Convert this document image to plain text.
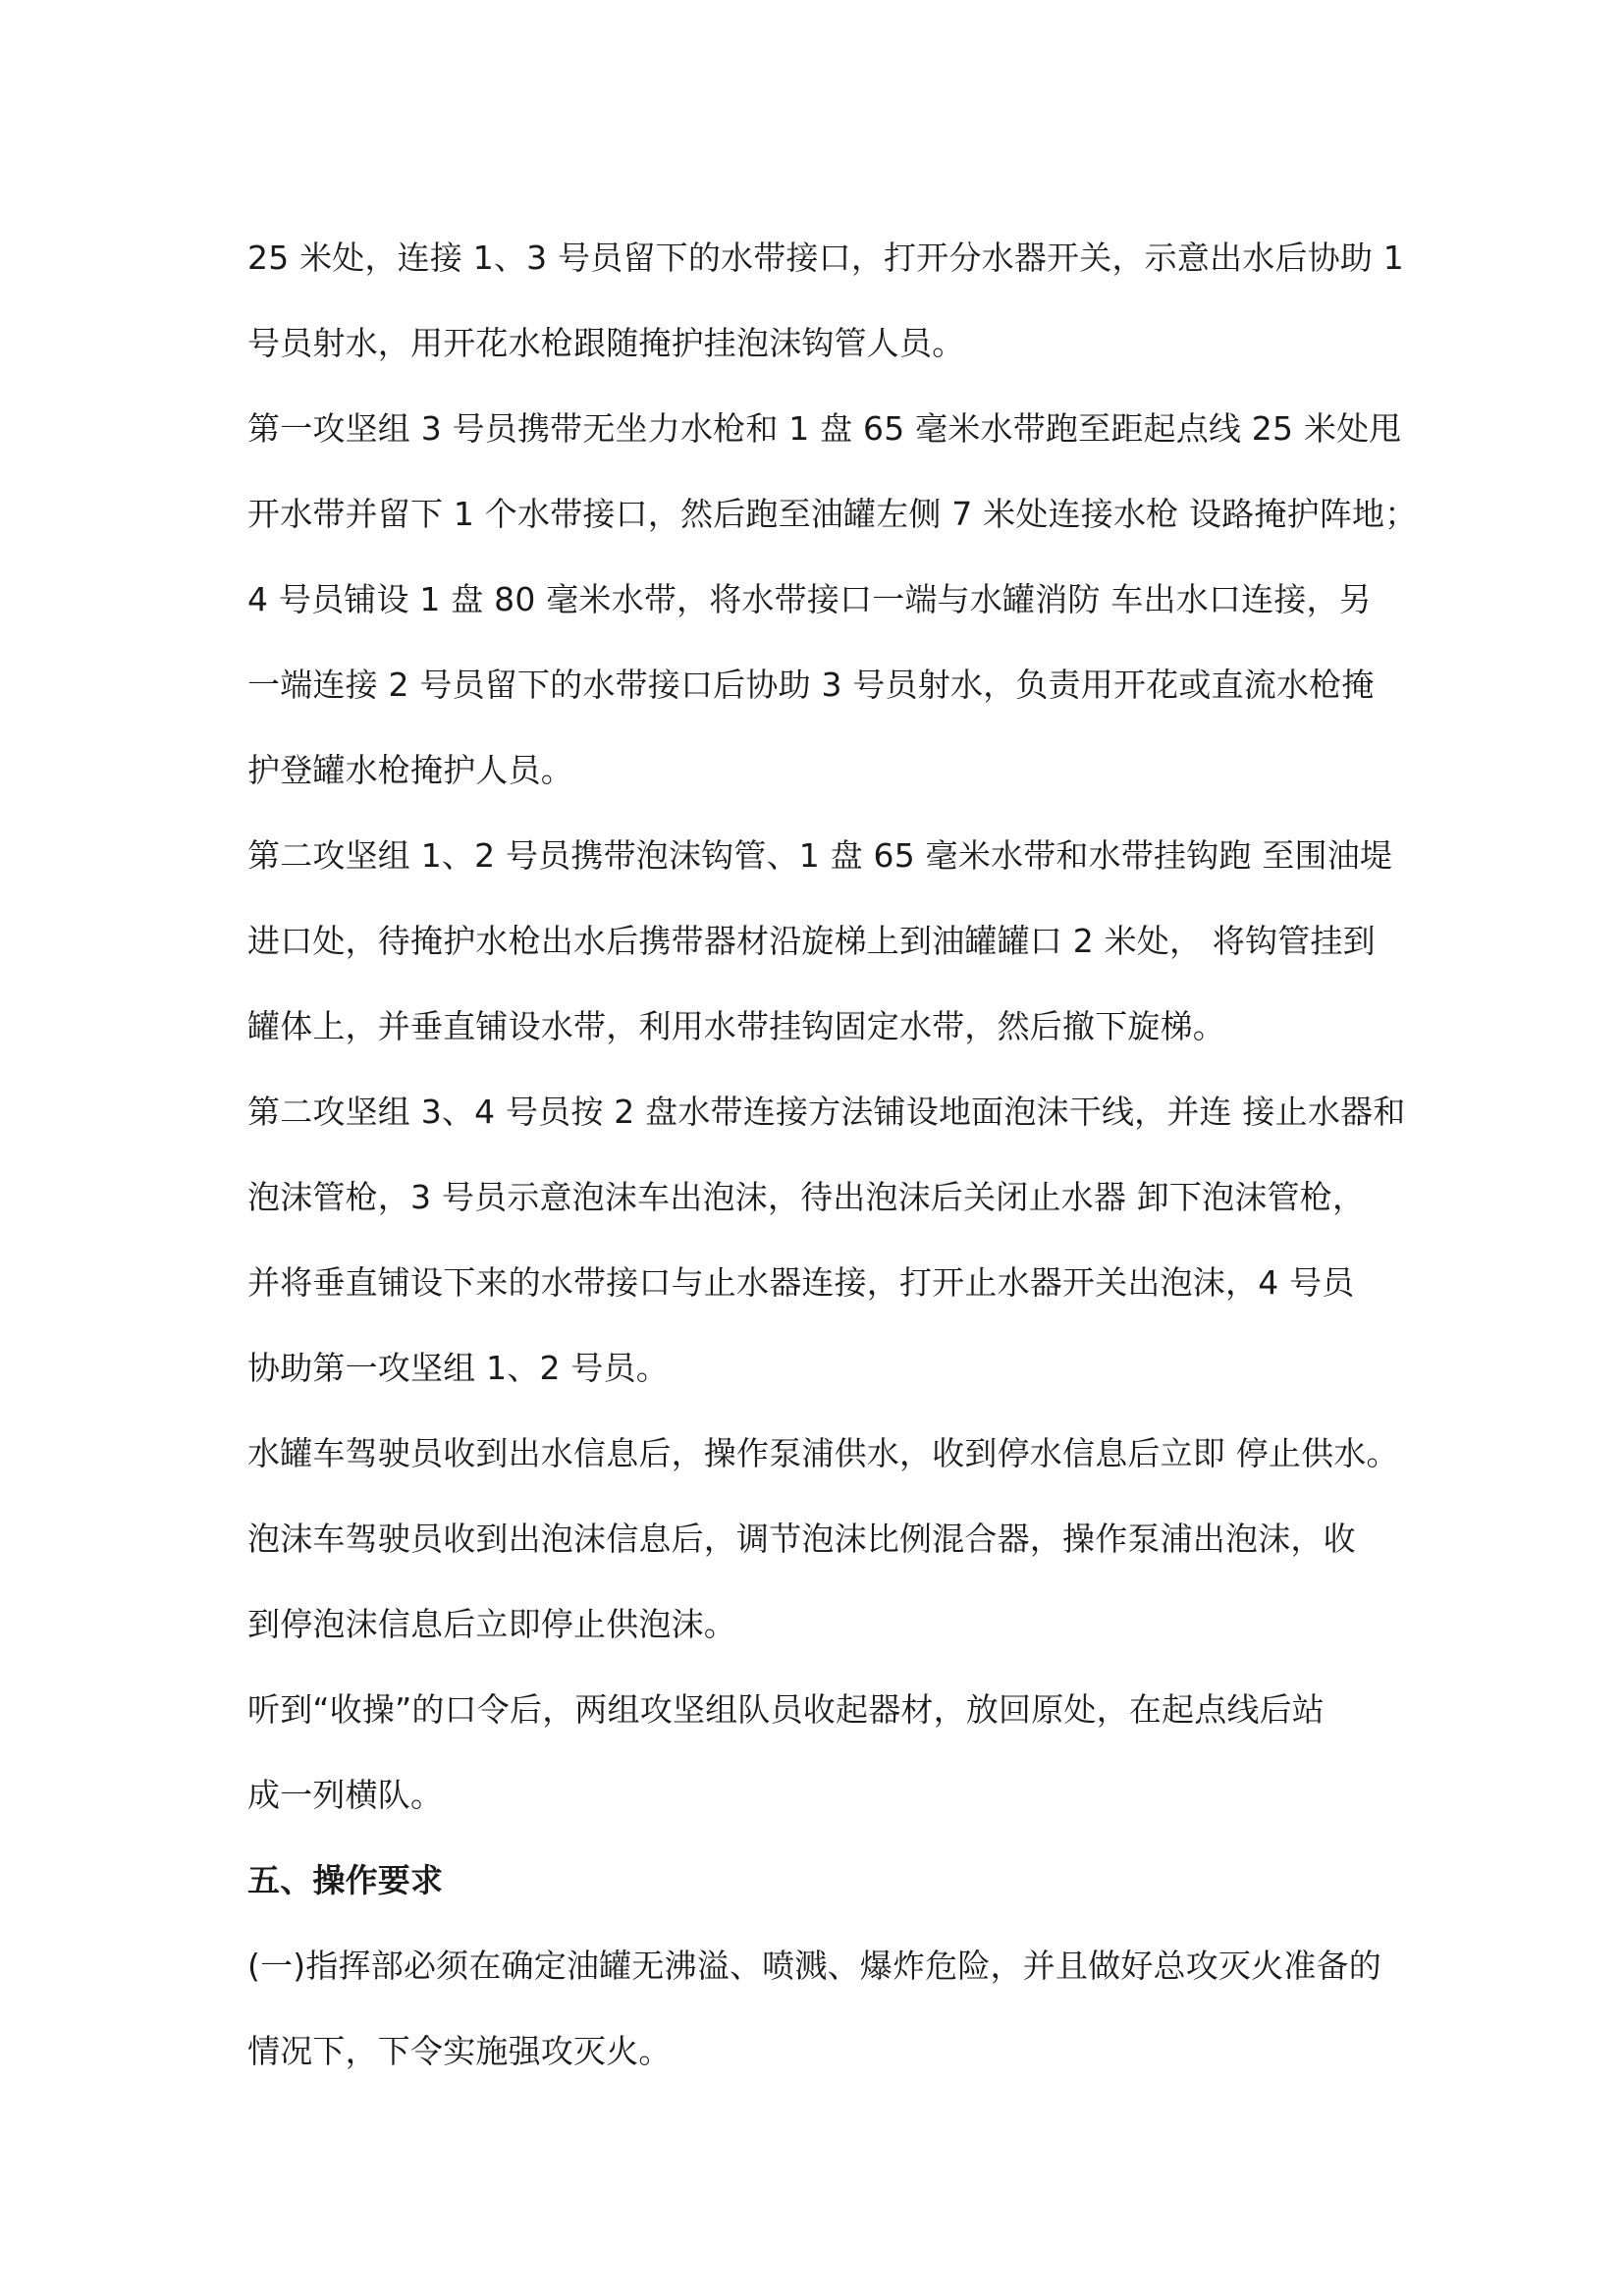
25 米处，连接 1、3 号员留下的水带接口，打开分水器开关，示意出水后协助 1
号员射水，用开花水枪跟随掩护挂泡沫钩管人员。
第一攻坚组 3 号员携带无坐力水枪和 1 盘 65 毫米水带跑至距起点线 25 米处甩
开水带并留下 1 个水带接口，然后跑至油罐左侧 7 米处连接水枪 设路掩护阵地；
4 号员铺设 1 盘 80 毫米水带，将水带接口一端与水罐消防 车出水口连接，另
一端连接 2 号员留下的水带接口后协助 3 号员射水，负责用开花或直流水枪掩
护登罐水枪掩护人员。
第二攻坚组 1、2 号员携带泡沫钩管、1 盘 65 毫米水带和水带挂钩跑 至围油堤
进口处，待掩护水枪出水后携带器材沿旋梯上到油罐罐口 2 米处， 将钩管挂到
罐体上，并垂直铺设水带，利用水带挂钩固定水带，然后撤下旋梯。
第二攻坚组 3、4 号员按 2 盘水带连接方法铺设地面泡沫干线，并连 接止水器和
泡沫管枪，3 号员示意泡沫车出泡沫，待出泡沫后关闭止水器 卸下泡沫管枪，
并将垂直铺设下来的水带接口与止水器连接，打开止水器开关出泡沫，4 号员
协助第一攻坚组 1、2 号员。
水罐车驾驶员收到出水信息后，操作泵浦供水，收到停水信息后立即 停止供水。
泡沫车驾驶员收到出泡沫信息后，调节泡沫比例混合器，操作泵浦出泡沫，收
到停泡沫信息后立即停止供泡沫。
听到“收操”的口令后，两组攻坚组队员收起器材，放回原处，在起点线后站
成一列横队。
五、操作要求
(一)指挥部必须在确定油罐无沸溢、喷溅、爆炸危险，并且做好总攻灭火准备的
情况下，下令实施强攻灭火。
